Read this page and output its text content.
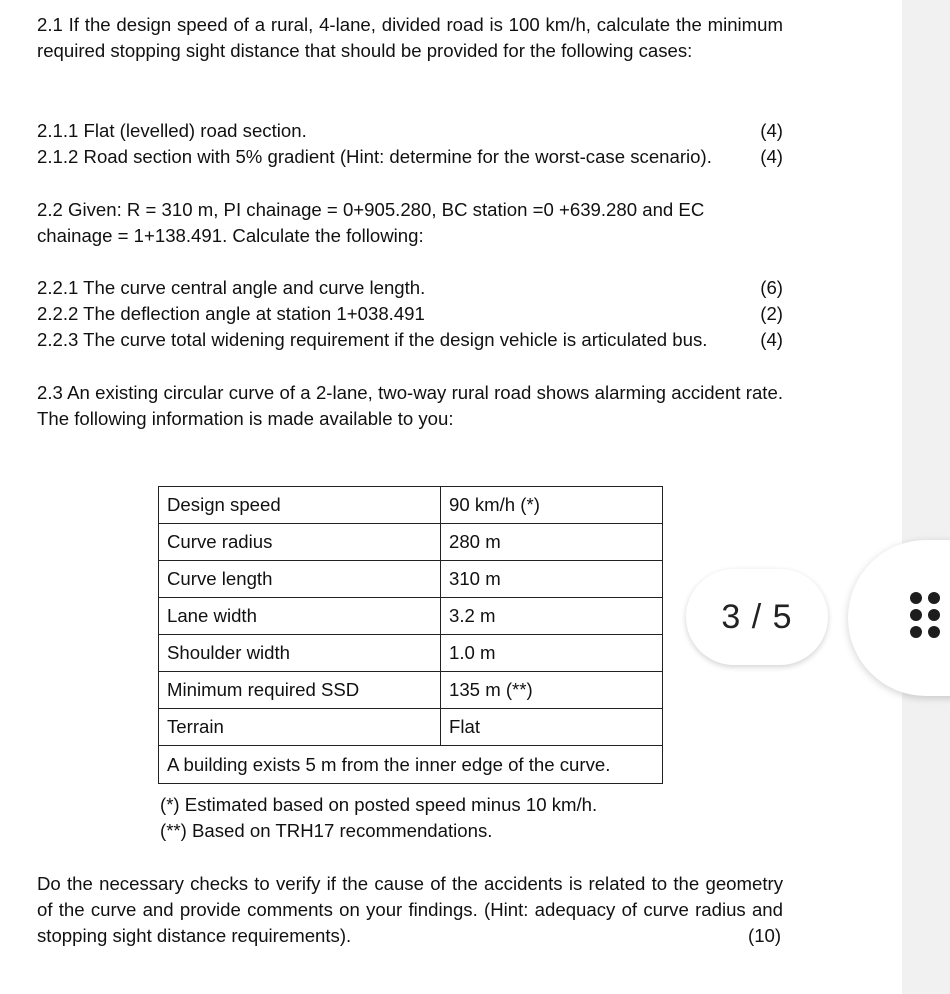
2.1 If the design speed of a rural, 4-lane, divided road is 100 km/h, calculate the minimum required stopping sight distance that should be provided for the following cases:

2.1.1 Flat (levelled) road section.	(4)
2.1.2 Road section with 5% gradient (Hint: determine for the worst-case scenario).	(4)
2.2 Given: R = 310 m, PI chainage = 0+905.280, BC station =0 +639.280 and EC
chainage = 1+138.491. Calculate the following:
2.2.1 The curve central angle and curve length.	(6)
2.2.2 The deflection angle at station 1+038.491	(2)
2.2.3 The curve total widening requirement if the design vehicle is articulated bus.	(4)

2.3 An existing circular curve of a 2-lane, two-way rural road shows alarming accident rate. The following information is made available to you:

Design speed	90 km/h (*)
Curve radius	280 m
Curve length	310 m
Lane width	3.2 m
Shoulder width	1.0 m
Minimum required SSD	135 m (**)
Terrain	Flat
A building exists 5 m from the inner edge of the curve.	
(*) Estimated based on posted speed minus 10 km/h.
(**) Based on TRH17 recommendations.

Do the necessary checks to verify if the cause of the accidents is related to the geometry of the curve and provide comments on your findings. (Hint: adequacy of curve radius and stopping sight distance requirements).	(10)
3 / 5
